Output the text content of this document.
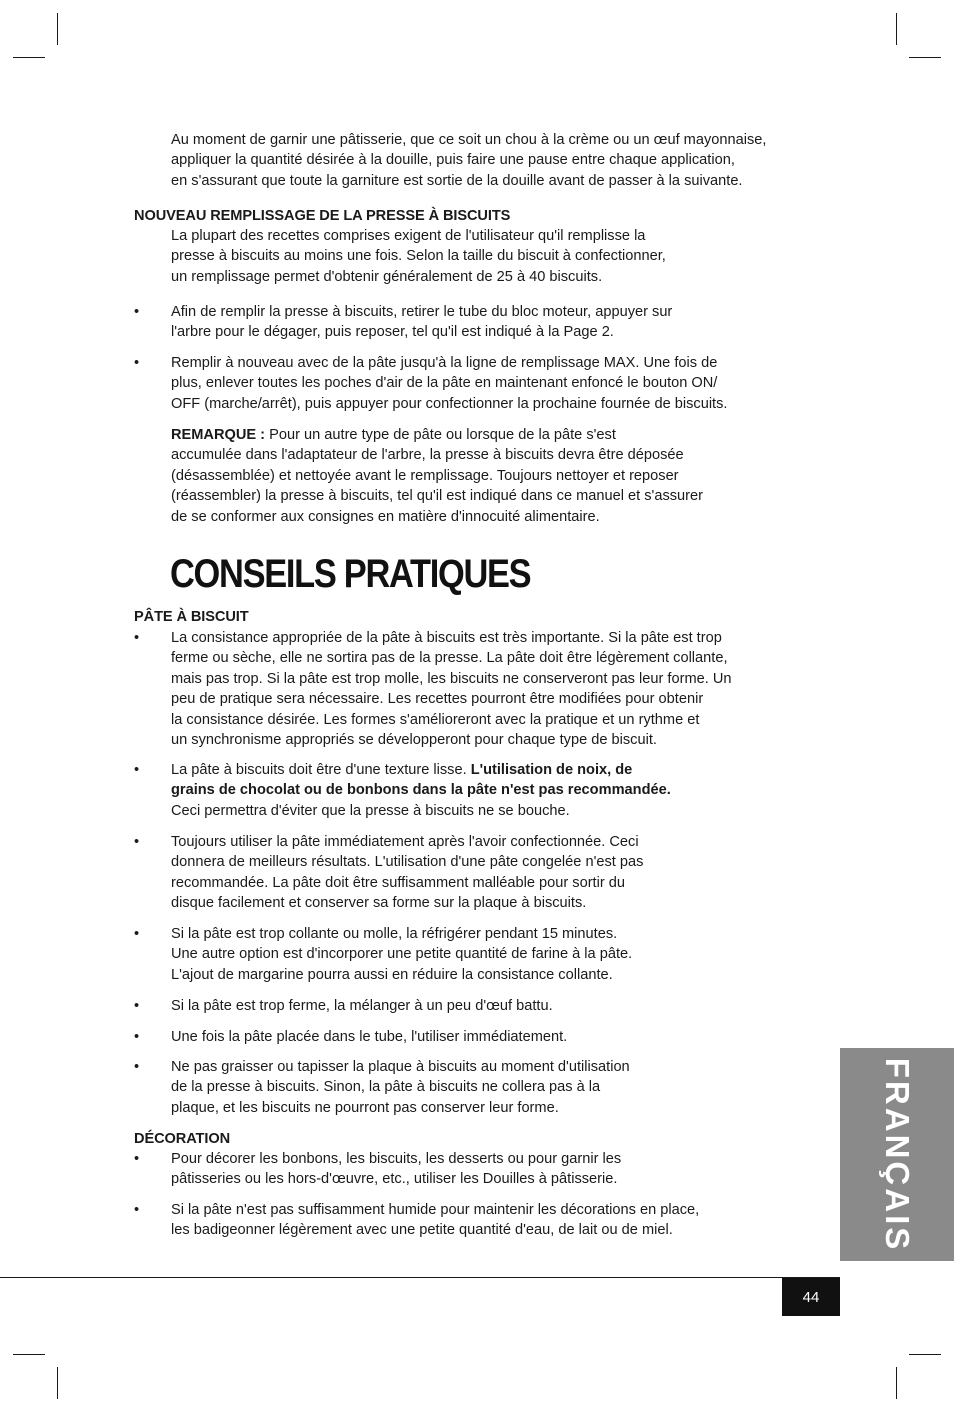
Au moment de garnir une pâtisserie, que ce soit un chou à la crème ou un œuf mayonnaise,
appliquer la quantité désirée à la douille, puis faire une pause entre chaque application,
en s'assurant que toute la garniture est sortie de la douille avant de passer à la suivante.

NOUVEAU REMPLISSAGE DE LA PRESSE À BISCUITS

La plupart des recettes comprises exigent de l'utilisateur qu'il remplisse la
presse à biscuits au moins une fois. Selon la taille du biscuit à confectionner,
un remplissage permet d'obtenir généralement de 25 à 40 biscuits.

• Afin de remplir la presse à biscuits, retirer le tube du bloc moteur, appuyer sur
l'arbre pour le dégager, puis reposer, tel qu'il est indiqué à la Page 2.

• Remplir à nouveau avec de la pâte jusqu'à la ligne de remplissage MAX. Une fois de
plus, enlever toutes les poches d'air de la pâte en maintenant enfoncé le bouton ON/
OFF (marche/arrêt), puis appuyer pour confectionner la prochaine fournée de biscuits.

REMARQUE : Pour un autre type de pâte ou lorsque de la pâte s'est
accumulée dans l'adaptateur de l'arbre, la presse à biscuits devra être déposée
(désassemblée) et nettoyée avant le remplissage. Toujours nettoyer et reposer
(réassembler) la presse à biscuits, tel qu'il est indiqué dans ce manuel et s'assurer
de se conformer aux consignes en matière d'innocuité alimentaire.

CONSEILS PRATIQUES

PÂTE À BISCUIT

• La consistance appropriée de la pâte à biscuits est très importante. Si la pâte est trop
ferme ou sèche, elle ne sortira pas de la presse. La pâte doit être légèrement collante,
mais pas trop. Si la pâte est trop molle, les biscuits ne conserveront pas leur forme. Un
peu de pratique sera nécessaire. Les recettes pourront être modifiées pour obtenir
la consistance désirée. Les formes s'amélioreront avec la pratique et un rythme et
un synchronisme appropriés se développeront pour chaque type de biscuit.

• La pâte à biscuits doit être d'une texture lisse. L'utilisation de noix, de
grains de chocolat ou de bonbons dans la pâte n'est pas recommandée.
Ceci permettra d'éviter que la presse à biscuits ne se bouche.

• Toujours utiliser la pâte immédiatement après l'avoir confectionnée. Ceci
donnera de meilleurs résultats. L'utilisation d'une pâte congelée n'est pas
recommandée. La pâte doit être suffisamment malléable pour sortir du
disque facilement et conserver sa forme sur la plaque à biscuits.

• Si la pâte est trop collante ou molle, la réfrigérer pendant 15 minutes.
Une autre option est d'incorporer une petite quantité de farine à la pâte.
L'ajout de margarine pourra aussi en réduire la consistance collante.

• Si la pâte est trop ferme, la mélanger à un peu d'œuf battu.

• Une fois la pâte placée dans le tube, l'utiliser immédiatement.

• Ne pas graisser ou tapisser la plaque à biscuits au moment d'utilisation
de la presse à biscuits. Sinon, la pâte à biscuits ne collera pas à la
plaque, et les biscuits ne pourront pas conserver leur forme.

DÉCORATION

• Pour décorer les bonbons, les biscuits, les desserts ou pour garnir les
pâtisseries ou les hors-d'œuvre, etc., utiliser les Douilles à pâtisserie.

• Si la pâte n'est pas suffisamment humide pour maintenir les décorations en place,
les badigeonner légèrement avec une petite quantité d'eau, de lait ou de miel.	FRANÇAIS
44
